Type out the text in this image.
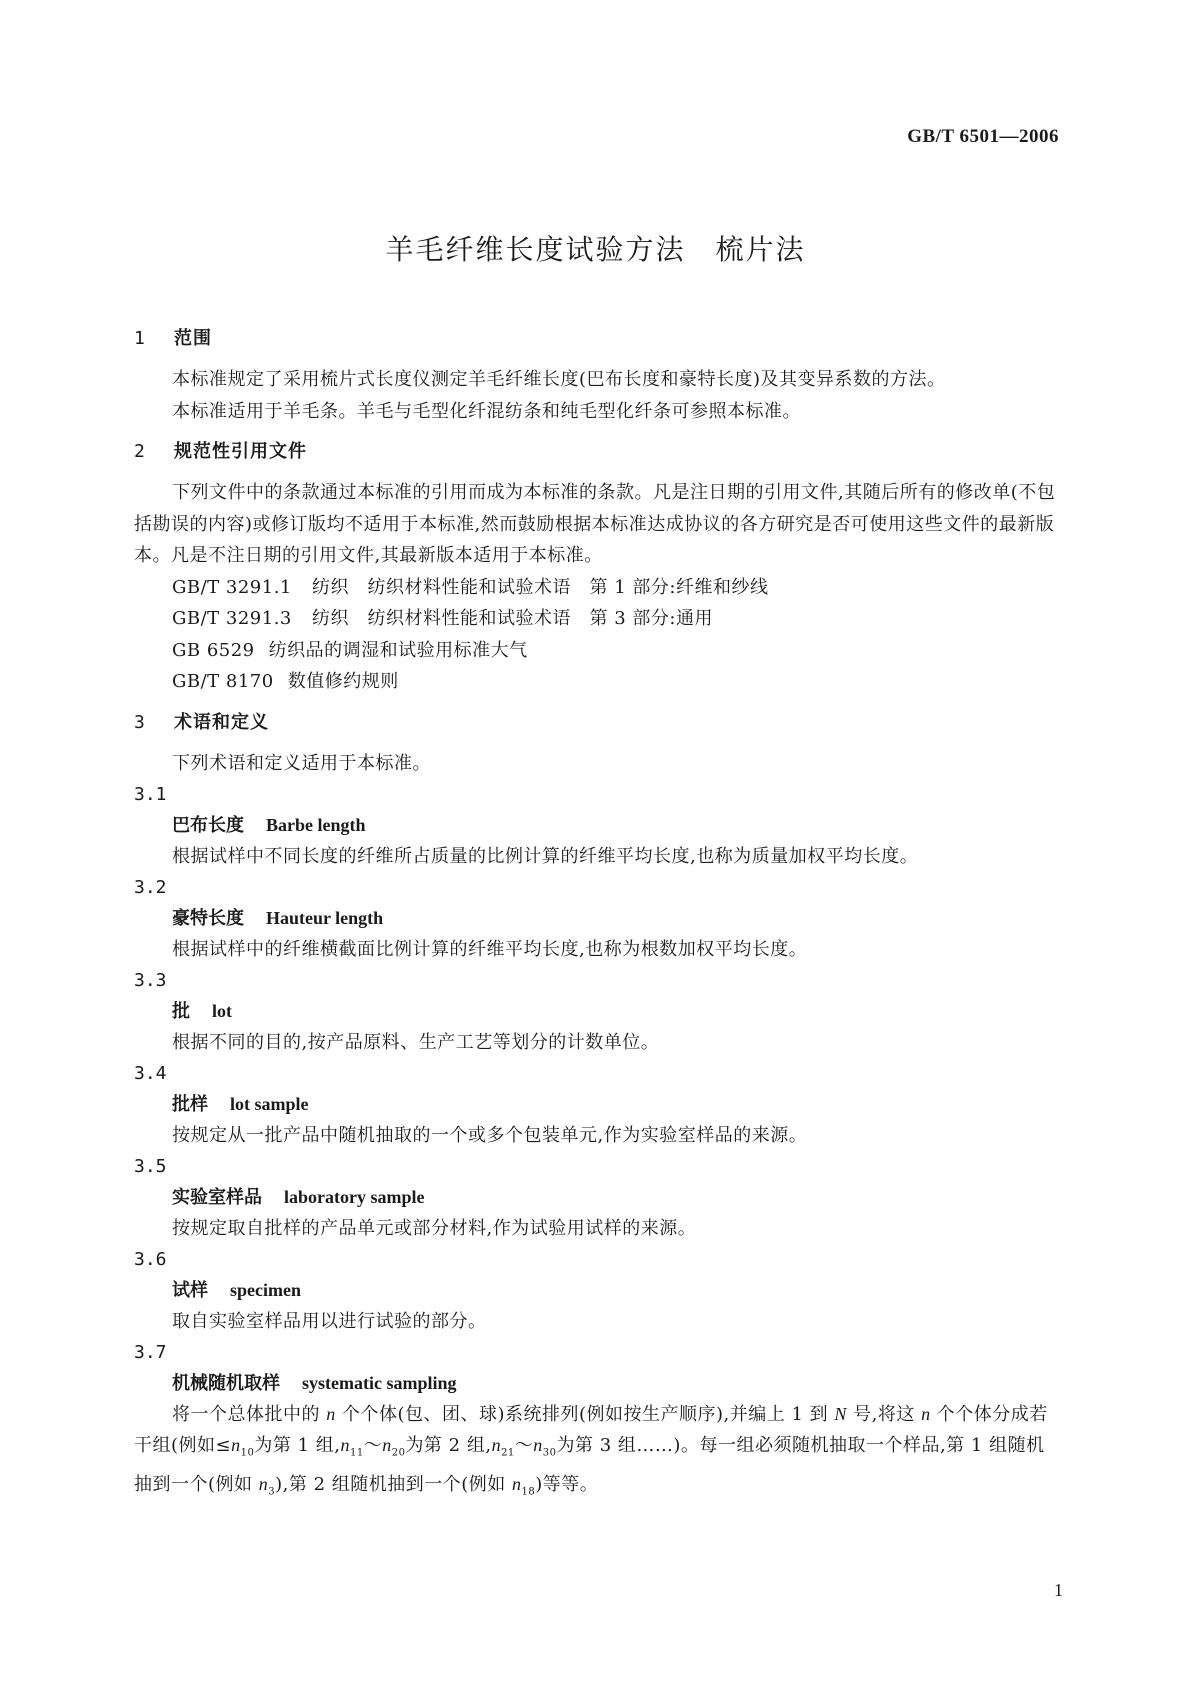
GB/T 6501—2006
羊毛纤维长度试验方法　梳片法
1 范围

本标准规定了采用梳片式长度仪测定羊毛纤维长度(巴布长度和豪特长度)及其变异系数的方法。

本标准适用于羊毛条。羊毛与毛型化纤混纺条和纯毛型化纤条可参照本标准。

2 规范性引用文件

下列文件中的条款通过本标准的引用而成为本标准的条款。凡是注日期的引用文件,其随后所有的修改单(不包括勘误的内容)或修订版均不适用于本标准,然而鼓励根据本标准达成协议的各方研究是否可使用这些文件的最新版本。凡是不注日期的引用文件,其最新版本适用于本标准。

GB/T 3291.1 纺织　纺织材料性能和试验术语　第 1 部分:纤维和纱线

GB/T 3291.3 纺织　纺织材料性能和试验术语　第 3 部分:通用

GB 6529 纺织品的调湿和试验用标准大气

GB/T 8170 数值修约规则

3 术语和定义

下列术语和定义适用于本标准。

3.1

巴布长度 Barbe length

根据试样中不同长度的纤维所占质量的比例计算的纤维平均长度,也称为质量加权平均长度。

3.2

豪特长度 Hauteur length

根据试样中的纤维横截面比例计算的纤维平均长度,也称为根数加权平均长度。

3.3

批 lot

根据不同的目的,按产品原料、生产工艺等划分的计数单位。

3.4

批样 lot sample

按规定从一批产品中随机抽取的一个或多个包装单元,作为实验室样品的来源。

3.5

实验室样品 laboratory sample

按规定取自批样的产品单元或部分材料,作为试验用试样的来源。

3.6

试样 specimen

取自实验室样品用以进行试验的部分。

3.7

机械随机取样 systematic sampling

将一个总体批中的 n 个个体(包、团、球)系统排列(例如按生产顺序),并编上 1 到 N 号,将这 n 个个体分成若干组(例如$\le n_{10}$为第 1 组$,n_{11}\sim n_{20}$为第 2 组$,n_{21}\sim n_{30}$为第 3 组……)。每一组必须随机抽取一个样品,第 1 组随机抽到一个(例如 $n_3$),第 2 组随机抽到一个(例如 $n_{18}$)等等。

1
